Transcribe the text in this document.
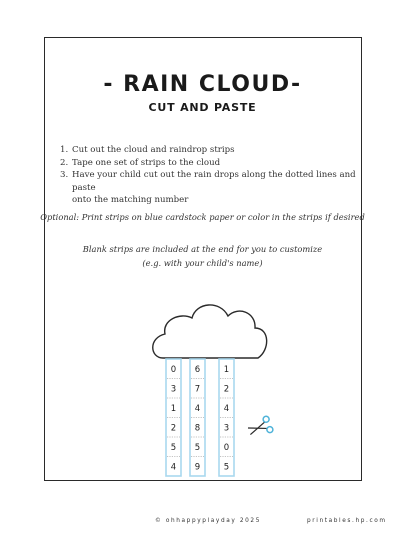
- RAIN CLOUD-
CUT AND PASTE
1. Cut out the cloud and raindrop strips
2. Tape one set of strips to the cloud
3. Have your child cut out the rain drops along the dotted lines and paste
onto the matching number
Optional: Print strips on blue cardstock paper or color in the strips if desired
Blank strips are included at the end for you to customize
(e.g. with your child's name)
0
3
1
2
5
4
6
7
4
8
5
9
1
2
4
3
0
5
© ohhappyplayday 2025	printables.hp.com
